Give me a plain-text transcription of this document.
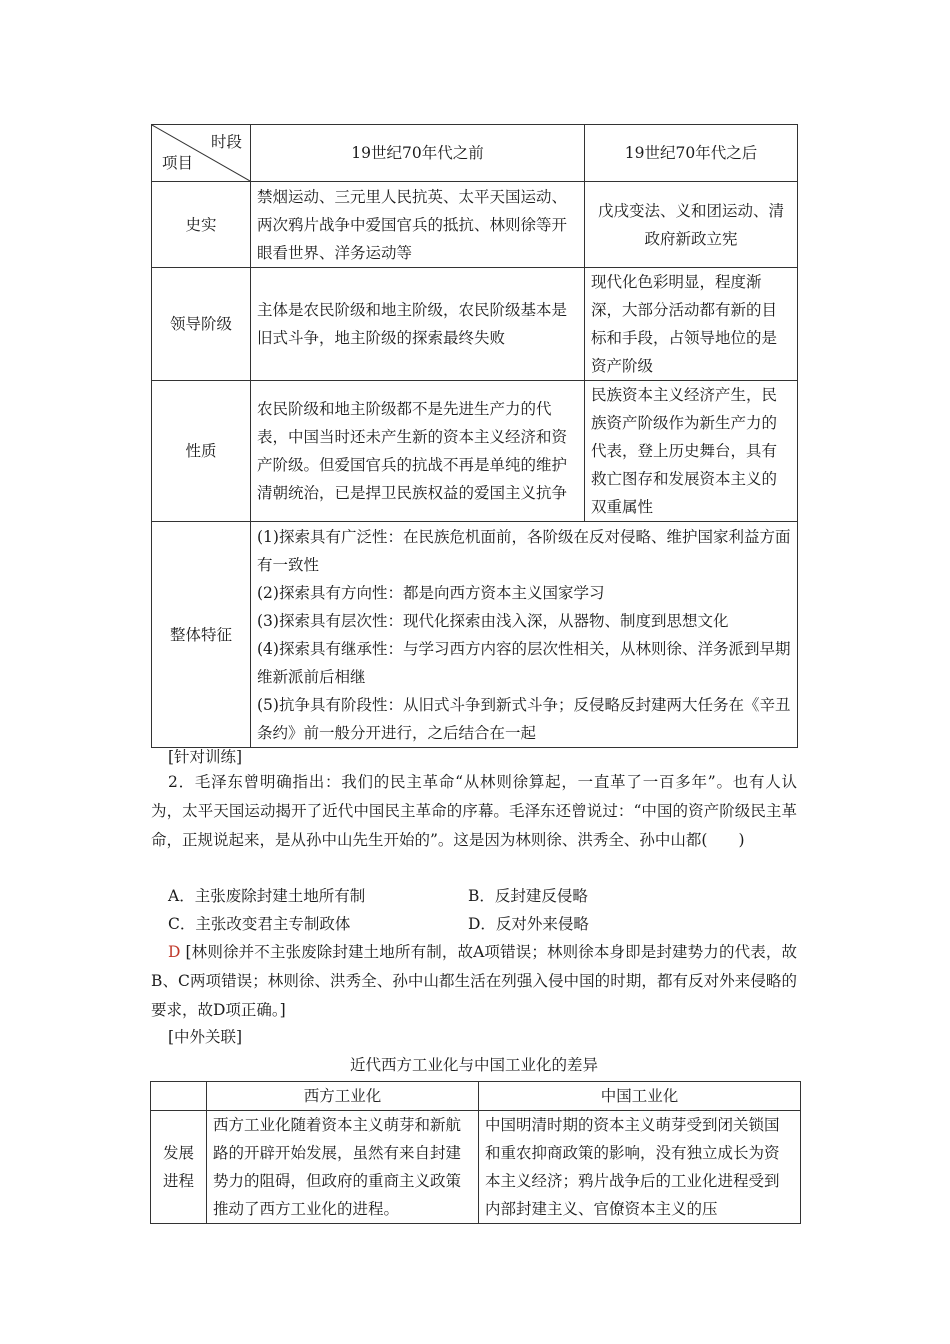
时段
项目	19世纪70年代之前	19世纪70年代之后
史实	禁烟运动、三元里人民抗英、太平天国运动、两次鸦片战争中爱国官兵的抵抗、林则徐等开眼看世界、洋务运动等	戊戌变法、义和团运动、清政府新政立宪
领导阶级	主体是农民阶级和地主阶级，农民阶级基本是旧式斗争，地主阶级的探索最终失败	现代化色彩明显，程度渐深，大部分活动都有新的目标和手段，占领导地位的是资产阶级
性质	农民阶级和地主阶级都不是先进生产力的代表，中国当时还未产生新的资本主义经济和资产阶级。但爱国官兵的抗战不再是单纯的维护清朝统治，已是捍卫民族权益的爱国主义抗争	民族资本主义经济产生，民族资产阶级作为新生产力的代表，登上历史舞台，具有救亡图存和发展资本主义的双重属性
整体特征	(1)探索具有广泛性：在民族危机面前，各阶级在反对侵略、维护国家利益方面有一致性
(2)探索具有方向性：都是向西方资本主义国家学习
(3)探索具有层次性：现代化探索由浅入深，从器物、制度到思想文化
(4)探索具有继承性：与学习西方内容的层次性相关，从林则徐、洋务派到早期维新派前后相继
(5)抗争具有阶段性：从旧式斗争到新式斗争；反侵略反封建两大任务在《辛丑条约》前一般分开进行，之后结合在一起	
[针对训练]
2．毛泽东曾明确指出：我们的民主革命“从林则徐算起，一直革了一百多年”。也有人认为，太平天国运动揭开了近代中国民主革命的序幕。毛泽东还曾说过：“中国的资产阶级民主革命，正规说起来，是从孙中山先生开始的”。这是因为林则徐、洪秀全、孙中山都(　　)
A．主张废除封建土地所有制	B．反封建反侵略
C．主张改变君主专制政体	D．反对外来侵略
D [林则徐并不主张废除封建土地所有制，故A项错误；林则徐本身即是封建势力的代表，故B、C两项错误；林则徐、洪秀全、孙中山都生活在列强入侵中国的时期，都有反对外来侵略的要求，故D项正确。]
[中外关联]
近代西方工业化与中国工业化的差异
	西方工业化	中国工业化
发展进程	西方工业化随着资本主义萌芽和新航路的开辟开始发展，虽然有来自封建势力的阻碍，但政府的重商主义政策推动了西方工业化的进程。	中国明清时期的资本主义萌芽受到闭关锁国和重农抑商政策的影响，没有独立成长为资本主义经济；鸦片战争后的工业化进程受到内部封建主义、官僚资本主义的压
